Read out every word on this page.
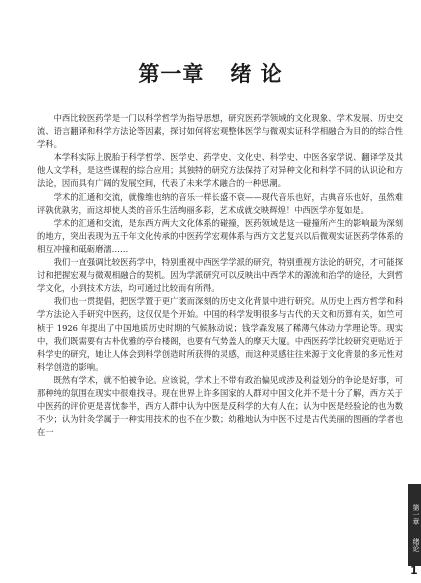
第一章 绪 论

中西比较医药学是一门以科学哲学为指导思想，研究医药学领域的文化现象、学术发展、历史交流、语言翻译和科学方法论等因素，探讨如何将宏观整体医学与微观实证科学相融合为目的的综合性学科。

本学科实际上脱胎于科学哲学、医学史、药学史、文化史、科学史、中医各家学说、翻译学及其他人文学科，是这些课程的综合应用；其独特的研究方法保持了对异种文化和科学不同的认识论和方法论，因而具有广阔的发展空间，代表了未来学术融合的一种思潮。

学术的汇通和交流，就像维也纳的音乐一样长盛不衰——现代音乐也好，古典音乐也好，虽然难评孰优孰劣，而这却使人类的音乐生活绚丽多彩，艺术成就交映辉煌！中西医学亦复如是。

学术的汇通和交流，是东西方两大文化体系的碰撞，医药领域是这一碰撞所产生的影响最为深刻的地方，突出表现为五千年文化传承的中医药学宏观体系与西方文艺复兴以后微观实证医药学体系的相互冲撞和砥砺磨濡……

我们一直强调比较医药学中，特别重视中西医学学派的研究，特别重视方法论的研究，才可能探讨和把握宏观与微观相融合的契机。因为学派研究可以反映出中西学术的源流和治学的途径，大到哲学文化，小到技术方法，均可通过比较而有所得。

我们也一贯提倡，把医学置于更广袤而深刻的历史文化背景中进行研究。从历史上西方哲学和科学方法论入手研究中医药，这仅仅是个开始。中国的科学发明很多与古代的天文和历算有关，如竺可桢于 1926 年提出了中国地质历史时期的气候脉动说；钱学森发展了稀薄气体动力学理论等。现实中，我们既需要有古朴优雅的亭台楼阁，也要有气势盖人的摩天大厦。中西医药学比较研究更贴近于科学史的研究，她让人体会到科学创造时所获得的灵感，而这种灵感往往来源于文化背景的多元性对科学创造的影响。

既然有学术，就不怕被争论。应该说，学术上不带有政治偏见或涉及利益划分的争论是好事，可那种纯的氛围在现实中很难找寻。现在世界上许多国家的人群对中国文化并不是十分了解，西方关于中医药的评价更是喜忧参半，西方人群中认为中医是反科学的大有人在；认为中医是经验论的也为数不少；认为针灸学属于一种实用技术的也不在少数；幼稚地认为中医不过是古代美丽的图画的学者也在一

第一章 绪论
1
